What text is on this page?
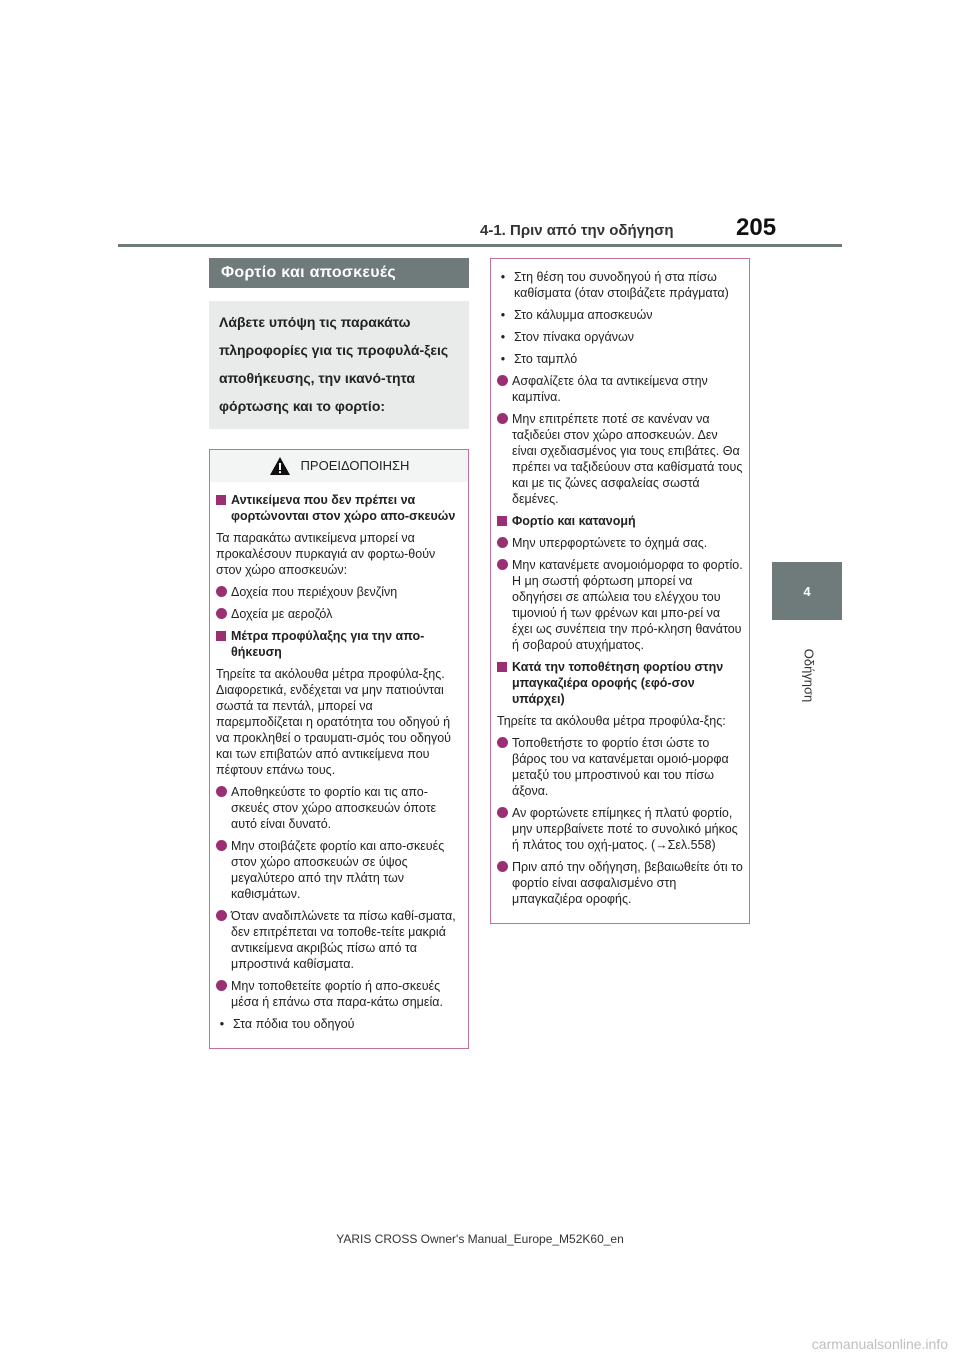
4-1. Πριν από την οδήγηση	205
4
Οδήγηση
Φορτίο και αποσκευές
Λάβετε υπόψη τις παρακάτω πληροφορίες για τις προφυλά-ξεις αποθήκευσης, την ικανό-τητα φόρτωσης και το φορτίο:
ΠΡΟΕΙΔΟΠΟΙΗΣΗ
Αντικείμενα που δεν πρέπει να φορτώνονται στον χώρο απο-σκευών
Τα παρακάτω αντικείμενα μπορεί να προκαλέσουν πυρκαγιά αν φορτω-θούν στον χώρο αποσκευών:
Δοχεία που περιέχουν βενζίνη
Δοχεία με αεροζόλ
Μέτρα προφύλαξης για την απο-θήκευση
Τηρείτε τα ακόλουθα μέτρα προφύλα-ξης.
Διαφορετικά, ενδέχεται να μην πατιούνται σωστά τα πεντάλ, μπορεί να παρεμποδίζεται η ορατότητα του οδηγού ή να προκληθεί ο τραυματι-σμός του οδηγού και των επιβατών από αντικείμενα που πέφτουν επάνω τους.
Αποθηκεύστε το φορτίο και τις απο-σκευές στον χώρο αποσκευών όποτε αυτό είναι δυνατό.
Μην στοιβάζετε φορτίο και απο-σκευές στον χώρο αποσκευών σε ύψος μεγαλύτερο από την πλάτη των καθισμάτων.
Όταν αναδιπλώνετε τα πίσω καθί-σματα, δεν επιτρέπεται να τοποθε-τείτε μακριά αντικείμενα ακριβώς πίσω από τα μπροστινά καθίσματα.
Μην τοποθετείτε φορτίο ή απο-σκευές μέσα ή επάνω στα παρα-κάτω σημεία.
• Στα πόδια του οδηγού
• Στη θέση του συνοδηγού ή στα πίσω καθίσματα (όταν στοιβάζετε πράγματα)
• Στο κάλυμμα αποσκευών
• Στον πίνακα οργάνων
• Στο ταμπλό
Ασφαλίζετε όλα τα αντικείμενα στην καμπίνα.
Μην επιτρέπετε ποτέ σε κανέναν να ταξιδεύει στον χώρο αποσκευών. Δεν είναι σχεδιασμένος για τους επιβάτες. Θα πρέπει να ταξιδεύουν στα καθίσματά τους και με τις ζώνες ασφαλείας σωστά δεμένες.
Φορτίο και κατανομή
Μην υπερφορτώνετε το όχημά σας.
Μην κατανέμετε ανομοιόμορφα το φορτίο.
Η μη σωστή φόρτωση μπορεί να οδηγήσει σε απώλεια του ελέγχου του τιμονιού ή των φρένων και μπο-ρεί να έχει ως συνέπεια την πρό-κληση θανάτου ή σοβαρού ατυχήματος.
Κατά την τοποθέτηση φορτίου στην μπαγκαζιέρα οροφής (εφό-σον υπάρχει)
Τηρείτε τα ακόλουθα μέτρα προφύλα-ξης:
Τοποθετήστε το φορτίο έτσι ώστε το βάρος του να κατανέμεται ομοιό-μορφα μεταξύ του μπροστινού και του πίσω άξονα.
Αν φορτώνετε επίμηκες ή πλατύ φορτίο, μην υπερβαίνετε ποτέ το συνολικό μήκος ή πλάτος του οχή-ματος. (→Σελ.558)
Πριν από την οδήγηση, βεβαιωθείτε ότι το φορτίο είναι ασφαλισμένο στη μπαγκαζιέρα οροφής.
YARIS CROSS Owner's Manual_Europe_M52K60_en
carmanualsonline.info
